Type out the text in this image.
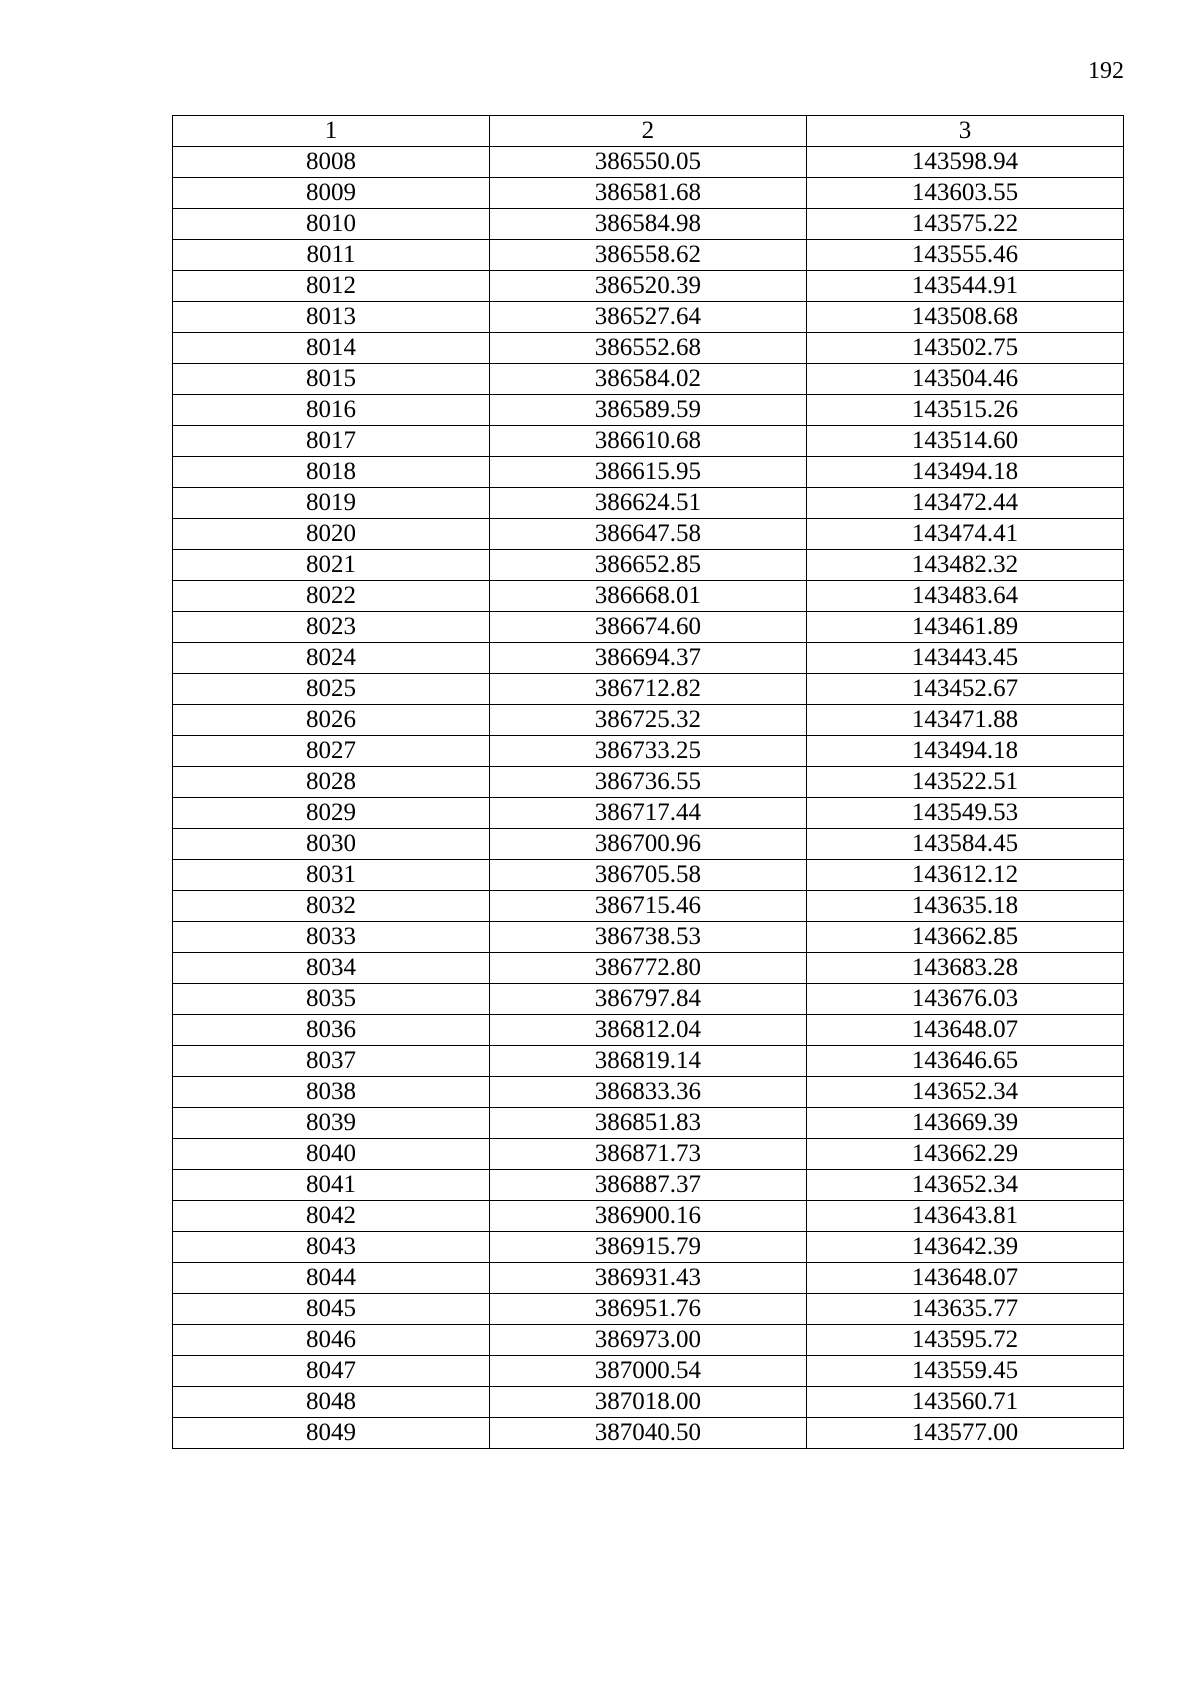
192
1	2	3
8008	386550.05	143598.94
8009	386581.68	143603.55
8010	386584.98	143575.22
8011	386558.62	143555.46
8012	386520.39	143544.91
8013	386527.64	143508.68
8014	386552.68	143502.75
8015	386584.02	143504.46
8016	386589.59	143515.26
8017	386610.68	143514.60
8018	386615.95	143494.18
8019	386624.51	143472.44
8020	386647.58	143474.41
8021	386652.85	143482.32
8022	386668.01	143483.64
8023	386674.60	143461.89
8024	386694.37	143443.45
8025	386712.82	143452.67
8026	386725.32	143471.88
8027	386733.25	143494.18
8028	386736.55	143522.51
8029	386717.44	143549.53
8030	386700.96	143584.45
8031	386705.58	143612.12
8032	386715.46	143635.18
8033	386738.53	143662.85
8034	386772.80	143683.28
8035	386797.84	143676.03
8036	386812.04	143648.07
8037	386819.14	143646.65
8038	386833.36	143652.34
8039	386851.83	143669.39
8040	386871.73	143662.29
8041	386887.37	143652.34
8042	386900.16	143643.81
8043	386915.79	143642.39
8044	386931.43	143648.07
8045	386951.76	143635.77
8046	386973.00	143595.72
8047	387000.54	143559.45
8048	387018.00	143560.71
8049	387040.50	143577.00
